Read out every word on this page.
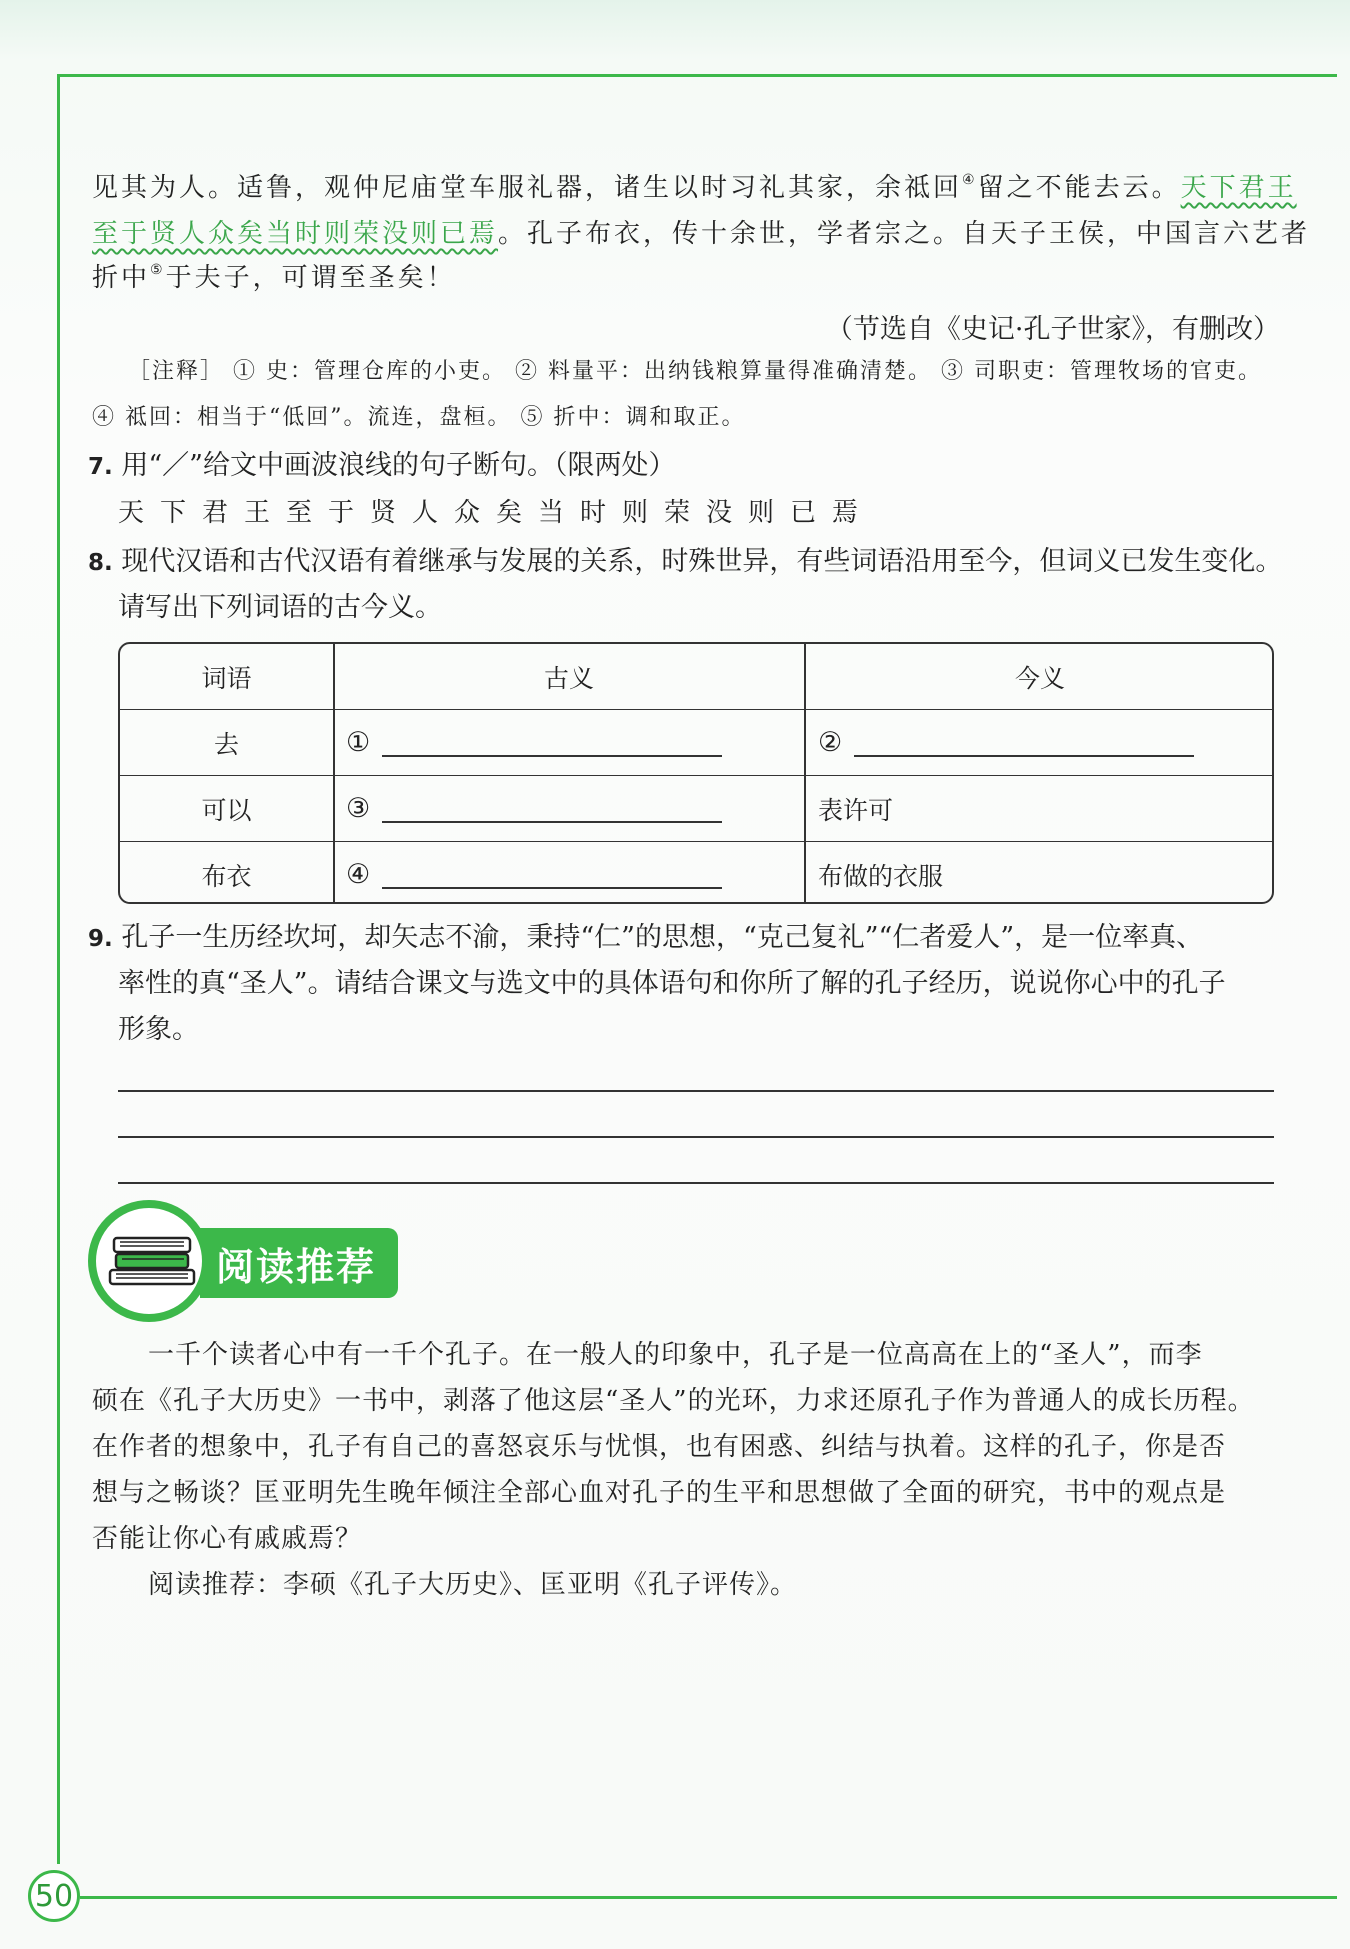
见其为人。适鲁，观仲尼庙堂车服礼器，诸生以时习礼其家，余祗回④留之不能去云。天下君王
至于贤人众矣当时则荣没则已焉。孔子布衣，传十余世，学者宗之。自天子王侯，中国言六艺者
折中⑤于夫子，可谓至圣矣！
（节选自《史记·孔子世家》，有删改）
［注释］ ① 史：管理仓库的小吏。 ② 料量平：出纳钱粮算量得准确清楚。 ③ 司职吏：管理牧场的官吏。
④ 祗回：相当于“低回”。流连，盘桓。 ⑤ 折中：调和取正。
7. 用“／”给文中画波浪线的句子断句。（限两处）
天下君王至于贤人众矣当时则荣没则已焉
8. 现代汉语和古代汉语有着继承与发展的关系，时殊世异，有些词语沿用至今，但词义已发生变化。
请写出下列词语的古今义。
词语	古义	今义
去	①	②
可以	③	表许可
布衣	④	布做的衣服
9. 孔子一生历经坎坷，却矢志不渝，秉持“仁”的思想，“克己复礼”“仁者爱人”，是一位率真、
率性的真“圣人”。请结合课文与选文中的具体语句和你所了解的孔子经历，说说你心中的孔子
形象。
阅读推荐
一千个读者心中有一千个孔子。在一般人的印象中，孔子是一位高高在上的“圣人”，而李
硕在《孔子大历史》一书中，剥落了他这层“圣人”的光环，力求还原孔子作为普通人的成长历程。
在作者的想象中，孔子有自己的喜怒哀乐与忧惧，也有困惑、纠结与执着。这样的孔子，你是否
想与之畅谈？匡亚明先生晚年倾注全部心血对孔子的生平和思想做了全面的研究，书中的观点是
否能让你心有戚戚焉？
阅读推荐：李硕《孔子大历史》、匡亚明《孔子评传》。
50
